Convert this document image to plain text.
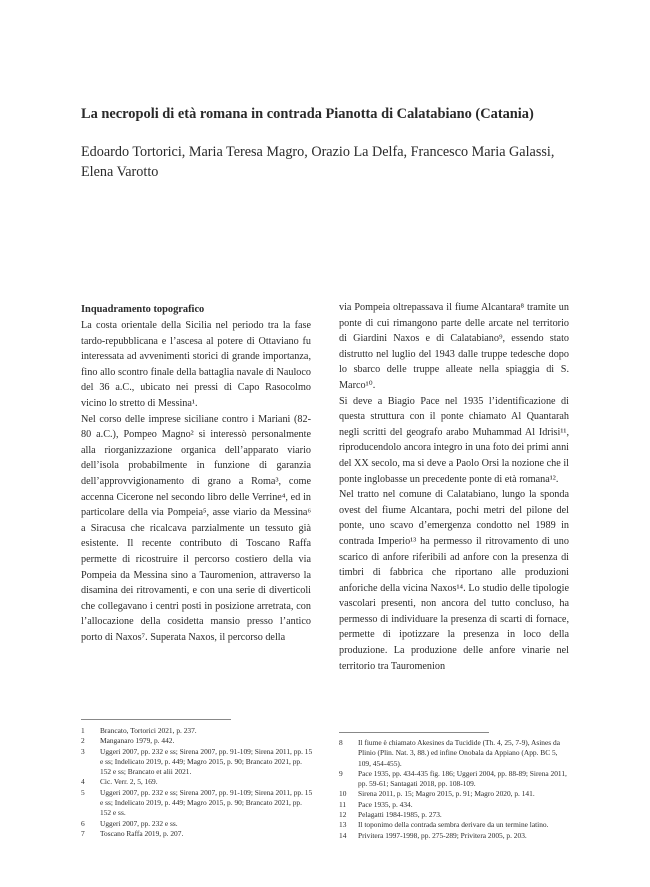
La necropoli di età romana in contrada Pianotta di Calatabiano (Catania)

Edoardo Tortorici, Maria Teresa Magro, Orazio La Delfa, Francesco Maria Galassi, Elena Varotto

Inquadramento topografico

La costa orientale della Sicilia nel periodo tra la fase tardo-repubblicana e l’ascesa al potere di Ottaviano fu interessata ad avvenimenti storici di grande importanza, fino allo scontro finale della battaglia navale di Nauloco del 36 a.C., ubicato nei pressi di Capo Rasocolmo vicino lo stretto di Messina¹.

Nel corso delle imprese siciliane contro i Mariani (82-80 a.C.), Pompeo Magno² si interessò personalmente alla riorganizzazione organica dell’apparato viario dell’isola probabilmente in funzione di garanzia dell’approvvigionamento di grano a Roma³, come accenna Cicerone nel secondo libro delle Verrine⁴, ed in particolare della via Pompeia⁵, asse viario da Messina⁶ a Siracusa che ricalcava parzialmente un tessuto già esistente. Il recente contributo di Toscano Raffa permette di ricostruire il percorso costiero della via Pompeia da Messina sino a Tauromenion, attraverso la disamina dei ritrovamenti, e con una serie di diverticoli che collegavano i centri posti in posizione arretrata, con l’allocazione della cosidetta mansio presso l’antico porto di Naxos⁷. Superata Naxos, il percorso della

via Pompeia oltrepassava il fiume Alcantara⁸ tramite un ponte di cui rimangono parte delle arcate nel territorio di Giardini Naxos e di Calatabiano⁹, essendo stato distrutto nel luglio del 1943 dalle truppe tedesche dopo lo sbarco delle truppe alleate nella spiaggia di S. Marco¹⁰.

Si deve a Biagio Pace nel 1935 l’identificazione di questa struttura con il ponte chiamato Al Quantarah negli scritti del geografo arabo Muhammad Al Idrisi¹¹, riproducendolo ancora integro in una foto dei primi anni del XX secolo, ma si deve a Paolo Orsi la nozione che il ponte inglobasse un precedente ponte di età romana¹².

Nel tratto nel comune di Calatabiano, lungo la sponda ovest del fiume Alcantara, pochi metri del pilone del ponte, uno scavo d’emergenza condotto nel 1989 in contrada Imperio¹³ ha permesso il ritrovamento di uno scarico di anfore riferibili ad anfore con la presenza di timbri di fabbrica che riportano alle produzioni anforiche della vicina Naxos¹⁴. Lo studio delle tipologie vascolari presenti, non ancora del tutto concluso, ha permesso di individuare la presenza di scarti di fornace, permette di ipotizzare la presenza in loco della produzione. La produzione delle anfore vinarie nel territorio tra Tauromenion

1	Brancato, Tortorici 2021, p. 237.
2	Manganaro 1979, p. 442.
3	Uggeri 2007, pp. 232 e ss; Sirena 2007, pp. 91-109; Sirena 2011, pp. 15 e ss; Indelicato 2019, p. 449; Magro 2015, p. 90; Brancato 2021, pp. 152 e ss; Brancato et alii 2021.
4	Cic. Verr. 2, 5, 169.
5	Uggeri 2007, pp. 232 e ss; Sirena 2007, pp. 91-109; Sirena 2011, pp. 15 e ss; Indelicato 2019, p. 449; Magro 2015, p. 90; Brancato 2021, pp. 152 e ss.
6	Uggeri 2007, pp. 232 e ss.
7	Toscano Raffa 2019, p. 207.
8	Il fiume è chiamato Akesines da Tucidide (Th. 4, 25, 7-9), Asines da Plinio (Plin. Nat. 3, 88.) ed infine Onobala da Appiano (App. BC 5, 109, 454-455).
9	Pace 1935, pp. 434-435 fig. 186; Uggeri 2004, pp. 88-89; Sirena 2011, pp. 59-61; Santagati 2018, pp. 108-109.
10	Sirena 2011, p. 15; Magro 2015, p. 91; Magro 2020, p. 141.
11	Pace 1935, p. 434.
12	Pelagatti 1984-1985, p. 273.
13	Il toponimo della contrada sembra derivare da un termine latino.
14	Privitera 1997-1998, pp. 275-289; Privitera 2005, p. 203.
